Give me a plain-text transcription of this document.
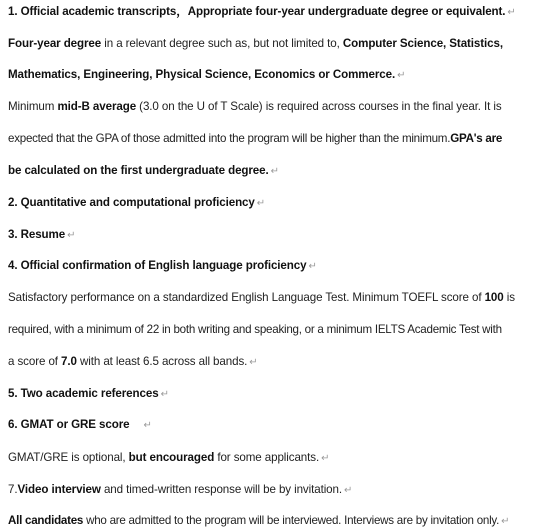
1. Official academic transcripts，Appropriate four-year undergraduate degree or equivalent. ↵
Four-year degree in a relevant degree such as, but not limited to, Computer Science, Statistics,
Mathematics, Engineering, Physical Science, Economics or Commerce. ↵
Minimum mid-B average (3.0 on the U of T Scale) is required across courses in the final year. It is
expected that the GPA of those admitted into the program will be higher than the minimum.GPA's are
be calculated on the first undergraduate degree. ↵
2. Quantitative and computational proficiency ↵
3. Resume ↵
4. Official confirmation of English language proficiency ↵
Satisfactory performance on a standardized English Language Test. Minimum TOEFL score of 100 is
required, with a minimum of 22 in both writing and speaking, or a minimum IELTS Academic Test with
a score of 7.0 with at least 6.5 across all bands. ↵
5. Two academic references ↵
6. GMAT or GRE score ↵
GMAT/GRE is optional, but encouraged for some applicants. ↵
7.Video interview and timed-written response will be by invitation. ↵
All candidates who are admitted to the program will be interviewed. Interviews are by invitation only. ↵
